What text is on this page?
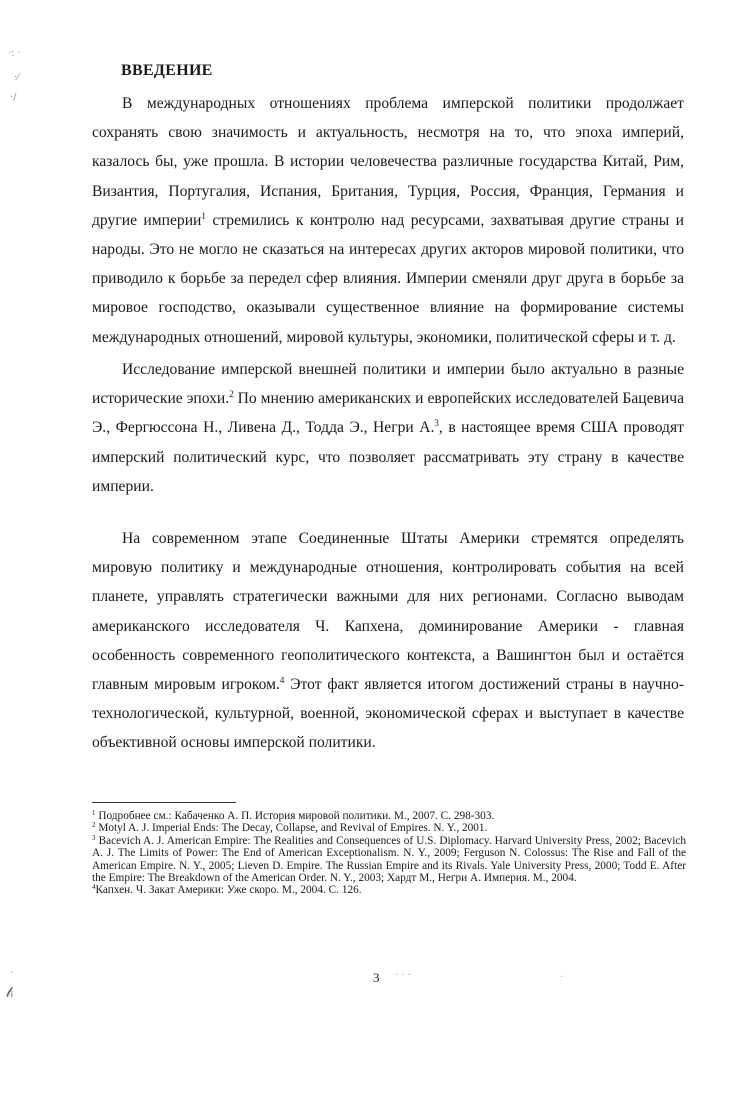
·: ·
·⁄
·/
·
𝓁ᵢ
· · ·	·
ВВЕДЕНИЕ

В международных отношениях проблема имперской политики продолжает сохранять свою значимость и актуальность, несмотря на то, что эпоха империй, казалось бы, уже прошла. В истории человечества различные государства Китай, Рим, Византия, Португалия, Испания, Британия, Турция, Россия, Франция, Германия и другие империи$^1$ стремились к контролю над ресурсами, захватывая другие страны и народы. Это не могло не сказаться на интересах других акторов мировой политики, что приводило к борьбе за передел сфер влияния. Империи сменяли друг друга в борьбе за мировое господство, оказывали существенное влияние на формирование системы международных отношений, мировой культуры, экономики, политической сферы и т. д.

Исследование имперской внешней политики и империи было актуально в разные исторические эпохи.$^2$ По мнению американских и европейских исследователей Бацевича Э., Фергюссона Н., Ливена Д., Тодда Э., Негри А.$^3$, в настоящее время США проводят имперский политический курс, что позволяет рассматривать эту страну в качестве империи.

На современном этапе Соединенные Штаты Америки стремятся определять мировую политику и международные отношения, контролировать события на всей планете, управлять стратегически важными для них регионами. Согласно выводам американского исследователя Ч. Капхена, доминирование Америки - главная особенность современного геополитического контекста, а Вашингтон был и остаётся главным мировым игроком.$^4$ Этот факт является итогом достижений страны в научно-технологической, культурной, военной, экономической сферах и выступает в качестве объективной основы имперской политики.

$^1$ Подробнее см.: Кабаченко А. П. История мировой политики. М., 2007. С. 298-303.

$^2$ Motyl A. J. Imperial Ends: The Decay, Collapse, and Revival of Empires. N. Y., 2001.

$^3$ Bacevich A. J. American Empire: The Realities and Consequences of U.S. Diplomacy. Harvard University Press, 2002; Bacevich A. J. The Limits of Power: The End of American Exceptionalism. N. Y., 2009; Ferguson N. Colossus: The Rise and Fall of the American Empire. N. Y., 2005; Lieven D. Empire. The Russian Empire and its Rivals. Yale University Press, 2000; Todd E. After the Empire: The Breakdown of the American Order. N. Y., 2003; Хардт М., Негри А. Империя. М., 2004.

$^4$Капхен. Ч. Закат Америки: Уже скоро. М., 2004. С. 126.

3
